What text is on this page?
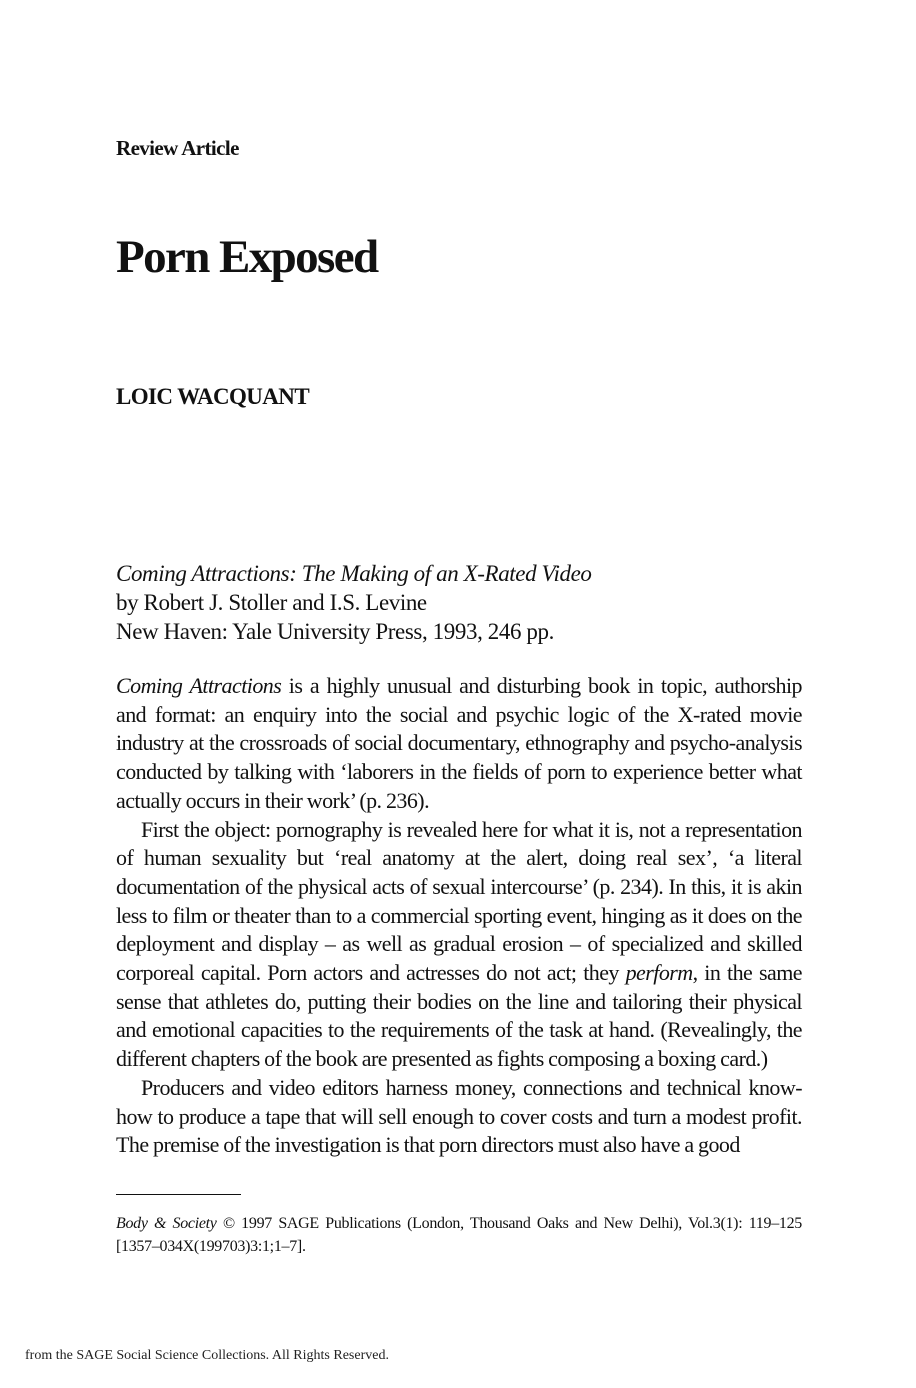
Review Article
Porn Exposed
LOIC WACQUANT
Coming Attractions: The Making of an X-Rated Video
by Robert J. Stoller and I.S. Levine
New Haven: Yale University Press, 1993, 246 pp.

Coming Attractions is a highly unusual and disturbing book in topic, authorship and format: an enquiry into the social and psychic logic of the X-rated movie industry at the crossroads of social documentary, ethnography and psycho-analysis conducted by talking with ‘laborers in the fields of porn to experience better what actually occurs in their work’ (p. 236).

First the object: pornography is revealed here for what it is, not a representation of human sexuality but ‘real anatomy at the alert, doing real sex’, ‘a literal documentation of the physical acts of sexual intercourse’ (p. 234). In this, it is akin less to film or theater than to a commercial sporting event, hinging as it does on the deployment and display – as well as gradual erosion – of specialized and skilled corporeal capital. Porn actors and actresses do not act; they perform, in the same sense that athletes do, putting their bodies on the line and tailoring their physical and emotional capacities to the requirements of the task at hand. (Revealingly, the different chapters of the book are presented as fights composing a boxing card.)

Producers and video editors harness money, connections and technical know-how to produce a tape that will sell enough to cover costs and turn a modest profit. The premise of the investigation is that porn directors must also have a good

Body & Society © 1997 SAGE Publications (London, Thousand Oaks and New Delhi), Vol.3(1): 119–125 [1357–034X(199703)3:1;1–7].
from the SAGE Social Science Collections. All Rights Reserved.
